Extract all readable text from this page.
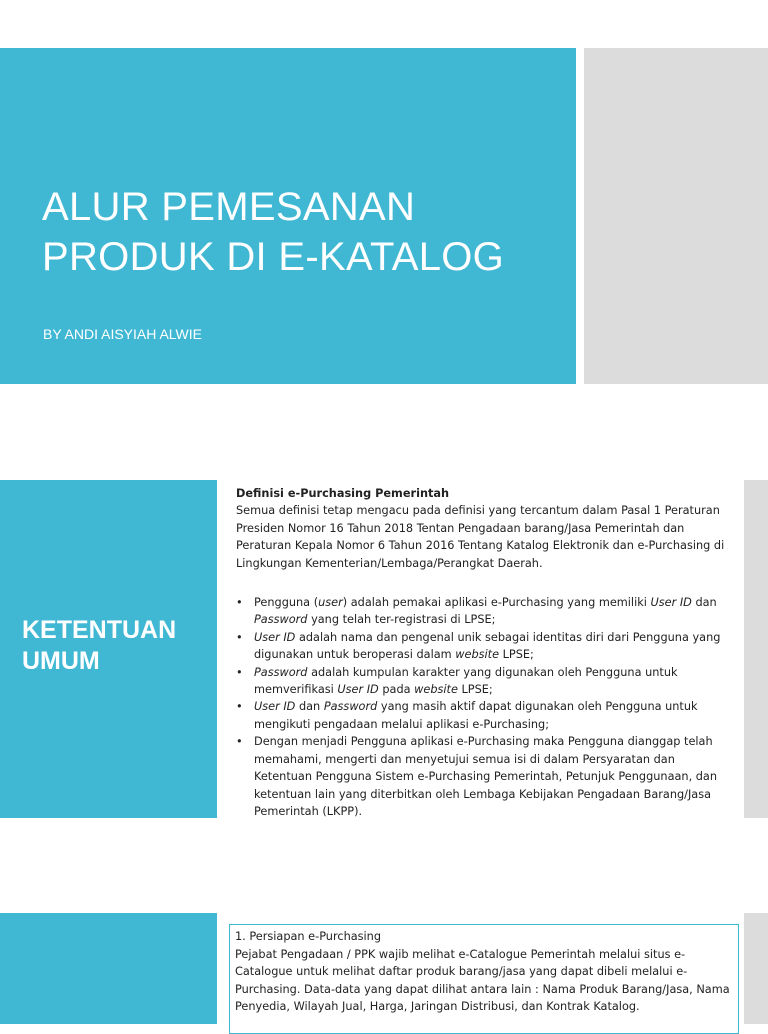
ALUR PEMESANAN
PRODUK DI E-KATALOG
BY ANDI AISYIAH ALWIE
KETENTUAN
UMUM

Definisi e-Purchasing Pemerintah

Semua definisi tetap mengacu pada definisi yang tercantum dalam Pasal 1 Peraturan Presiden Nomor 16 Tahun 2018 Tentan Pengadaan barang/Jasa Pemerintah dan Peraturan Kepala Nomor 6 Tahun 2016 Tentang Katalog Elektronik dan e-Purchasing di Lingkungan Kementerian/Lembaga/Perangkat Daerah.

• Pengguna (user) adalah pemakai aplikasi e-Purchasing yang memiliki User ID dan Password yang telah ter-registrasi di LPSE;
• User ID adalah nama dan pengenal unik sebagai identitas diri dari Pengguna yang digunakan untuk beroperasi dalam website LPSE;
• Password adalah kumpulan karakter yang digunakan oleh Pengguna untuk memverifikasi User ID pada website LPSE;
• User ID dan Password yang masih aktif dapat digunakan oleh Pengguna untuk mengikuti pengadaan melalui aplikasi e-Purchasing;
• Dengan menjadi Pengguna aplikasi e-Purchasing maka Pengguna dianggap telah memahami, mengerti dan menyetujui semua isi di dalam Persyaratan dan Ketentuan Pengguna Sistem e-Purchasing Pemerintah, Petunjuk Penggunaan, dan ketentuan lain yang diterbitkan oleh Lembaga Kebijakan Pengadaan Barang/Jasa Pemerintah (LKPP).

1. Persiapan e-Purchasing

Pejabat Pengadaan / PPK wajib melihat e-Catalogue Pemerintah melalui situs e-Catalogue untuk melihat daftar produk barang/jasa yang dapat dibeli melalui e-Purchasing. Data-data yang dapat dilihat antara lain : Nama Produk Barang/Jasa, Nama Penyedia, Wilayah Jual, Harga, Jaringan Distribusi, dan Kontrak Katalog.
